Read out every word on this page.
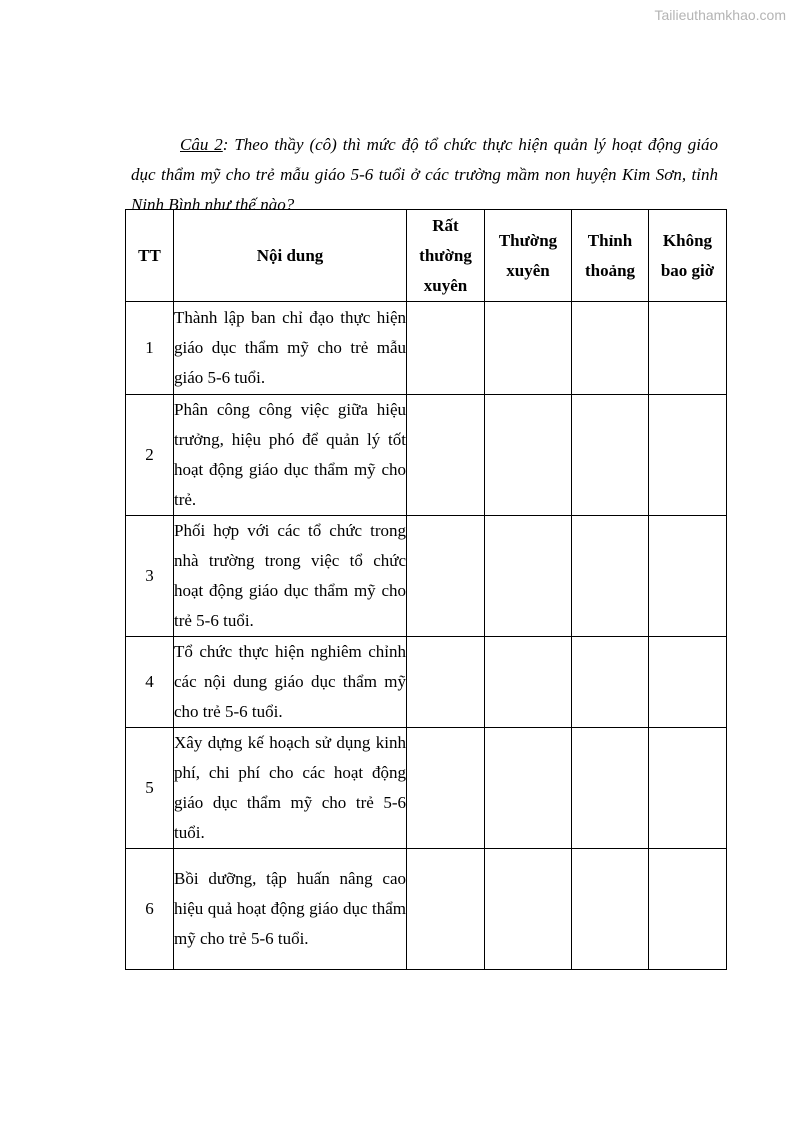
Tailieuthamkhao.com

Câu 2: Theo thầy (cô) thì mức độ tổ chức thực hiện quản lý hoạt động giáo dục thẩm mỹ cho trẻ mẫu giáo 5-6 tuổi ở các trường mầm non huyện Kim Sơn, tỉnh Ninh Bình như thế nào?

TT	Nội dung	Rất thường xuyên	Thường xuyên	Thỉnh thoảng	Không bao giờ
1	Thành lập ban chỉ đạo thực hiện giáo dục thẩm mỹ cho trẻ mẫu giáo 5-6 tuổi.				
2	Phân công công việc giữa hiệu trưởng, hiệu phó để quản lý tốt hoạt động giáo dục thẩm mỹ cho trẻ.				
3	Phối hợp với các tổ chức trong nhà trường trong việc tổ chức hoạt động giáo dục thẩm mỹ cho trẻ 5-6 tuổi.				
4	Tổ chức thực hiện nghiêm chỉnh các nội dung giáo dục thẩm mỹ cho trẻ 5-6 tuổi.				
5	Xây dựng kế hoạch sử dụng kinh phí, chi phí cho các hoạt động giáo dục thẩm mỹ cho trẻ 5-6 tuổi.				
6	Bồi dưỡng, tập huấn nâng cao hiệu quả hoạt động giáo dục thẩm mỹ cho trẻ 5-6 tuổi.				
